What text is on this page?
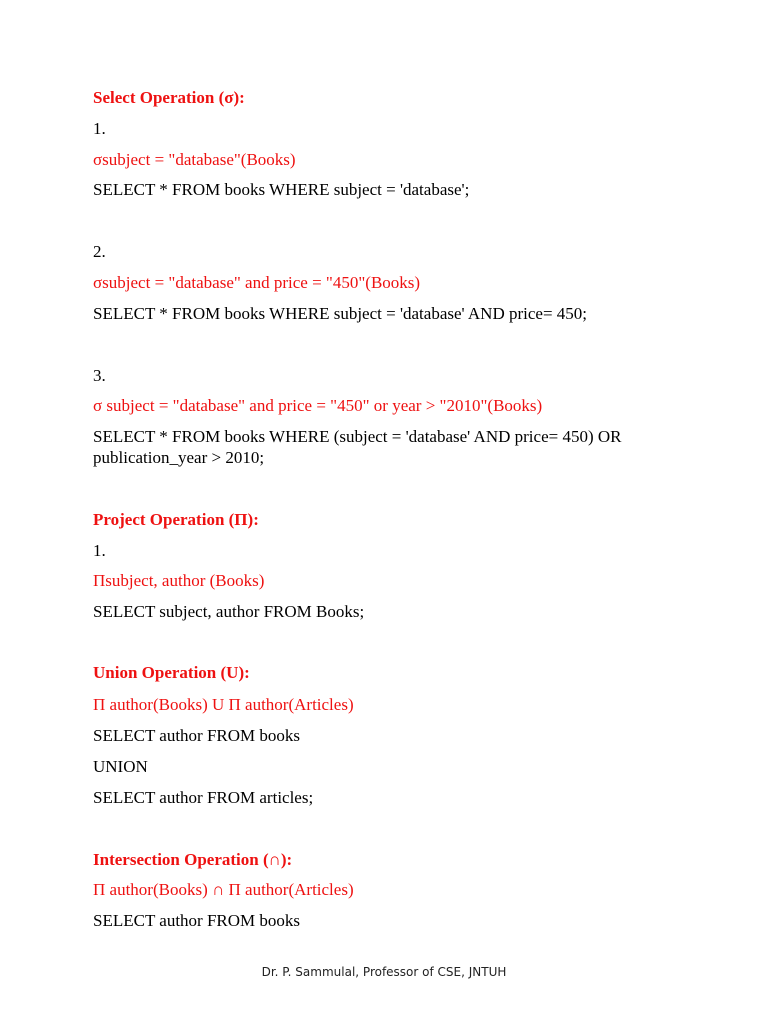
Select Operation (σ):
1.
σsubject = "database"(Books)
SELECT * FROM books WHERE subject = 'database';
2.
σsubject = "database" and price = "450"(Books)
SELECT * FROM books WHERE subject = 'database' AND price= 450;
3.
σ subject = "database" and price = "450" or year > "2010"(Books)
SELECT * FROM books WHERE (subject = 'database' AND price= 450) OR publication_year > 2010;
Project Operation (Π):
1.
Πsubject, author (Books)
SELECT subject, author FROM Books;
Union Operation (U):
Π author(Books) U Π author(Articles)
SELECT author FROM books
UNION
SELECT author FROM articles;
Intersection Operation (∩):
Π author(Books) ∩ Π author(Articles)
SELECT author FROM books
Dr. P. Sammulal, Professor of CSE, JNTUH
